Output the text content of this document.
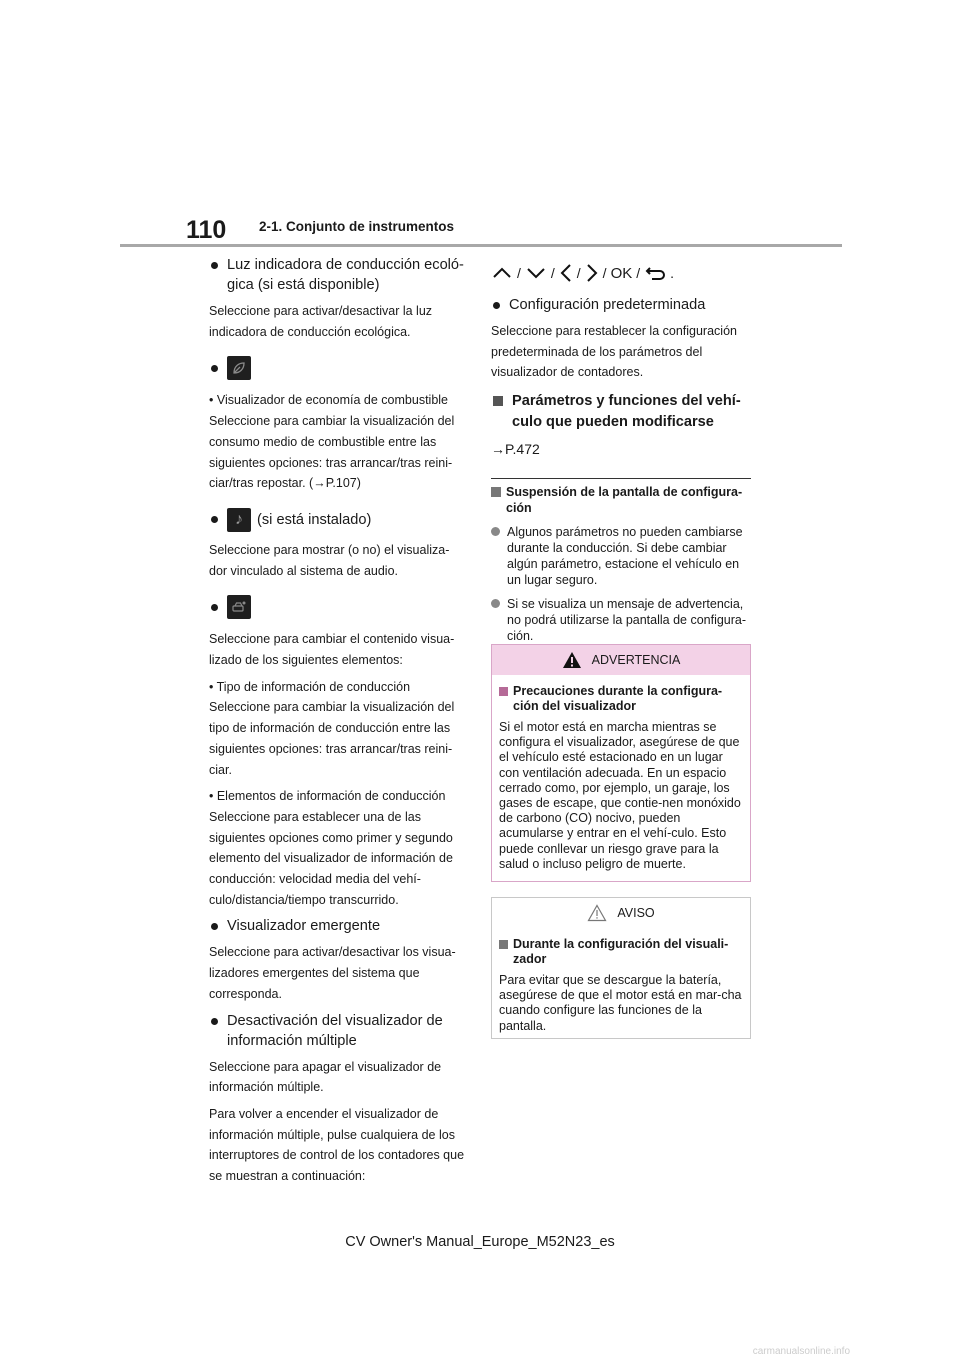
110 2-1. Conjunto de instrumentos
Luz indicadora de conducción ecoló-gica (si está disponible)

Seleccione para activar/desactivar la luz indicadora de conducción ecológica.

• Visualizador de economía de combustible

Seleccione para cambiar la visualización del consumo medio de combustible entre las siguientes opciones: tras arrancar/tras reini-ciar/tras repostar. (→P.107)

♪ (si está instalado)

Seleccione para mostrar (o no) el visualiza-dor vinculado al sistema de audio.

Seleccione para cambiar el contenido visua-lizado de los siguientes elementos:

• Tipo de información de conducción

Seleccione para cambiar la visualización del tipo de información de conducción entre las siguientes opciones: tras arrancar/tras reini-ciar.

• Elementos de información de conducción

Seleccione para establecer una de las siguientes opciones como primer y segundo elemento del visualizador de información de conducción: velocidad media del vehí-culo/distancia/tiempo transcurrido.

Visualizador emergente

Seleccione para activar/desactivar los visua-lizadores emergentes del sistema que corresponda.

Desactivación del visualizador de información múltiple

Seleccione para apagar el visualizador de información múltiple.

Para volver a encender el visualizador de información múltiple, pulse cualquiera de los interruptores de control de los contadores que se muestran a continuación:

/ / / / OK / .
Configuración predeterminada

Seleccione para restablecer la configuración predeterminada de los parámetros del visualizador de contadores.

Parámetros y funciones del vehí-culo que pueden modificarse

→P.472

Suspensión de la pantalla de configura-ción
Algunos parámetros no pueden cambiarse durante la conducción. Si debe cambiar algún parámetro, estacione el vehículo en un lugar seguro.
Si se visualiza un mensaje de advertencia, no podrá utilizarse la pantalla de configura-ción.
ADVERTENCIA
Precauciones durante la configura-ción del visualizador
Si el motor está en marcha mientras se configura el visualizador, asegúrese de que el vehículo esté estacionado en un lugar con ventilación adecuada. En un espacio cerrado como, por ejemplo, un garaje, los gases de escape, que contie-nen monóxido de carbono (CO) nocivo, pueden acumularse y entrar en el vehí-culo. Esto puede conllevar un riesgo grave para la salud o incluso peligro de muerte.
AVISO
Durante la configuración del visuali-zador
Para evitar que se descargue la batería, asegúrese de que el motor está en mar-cha cuando configure las funciones de la pantalla.
CV Owner's Manual_Europe_M52N23_es
carmanualsonline.info
